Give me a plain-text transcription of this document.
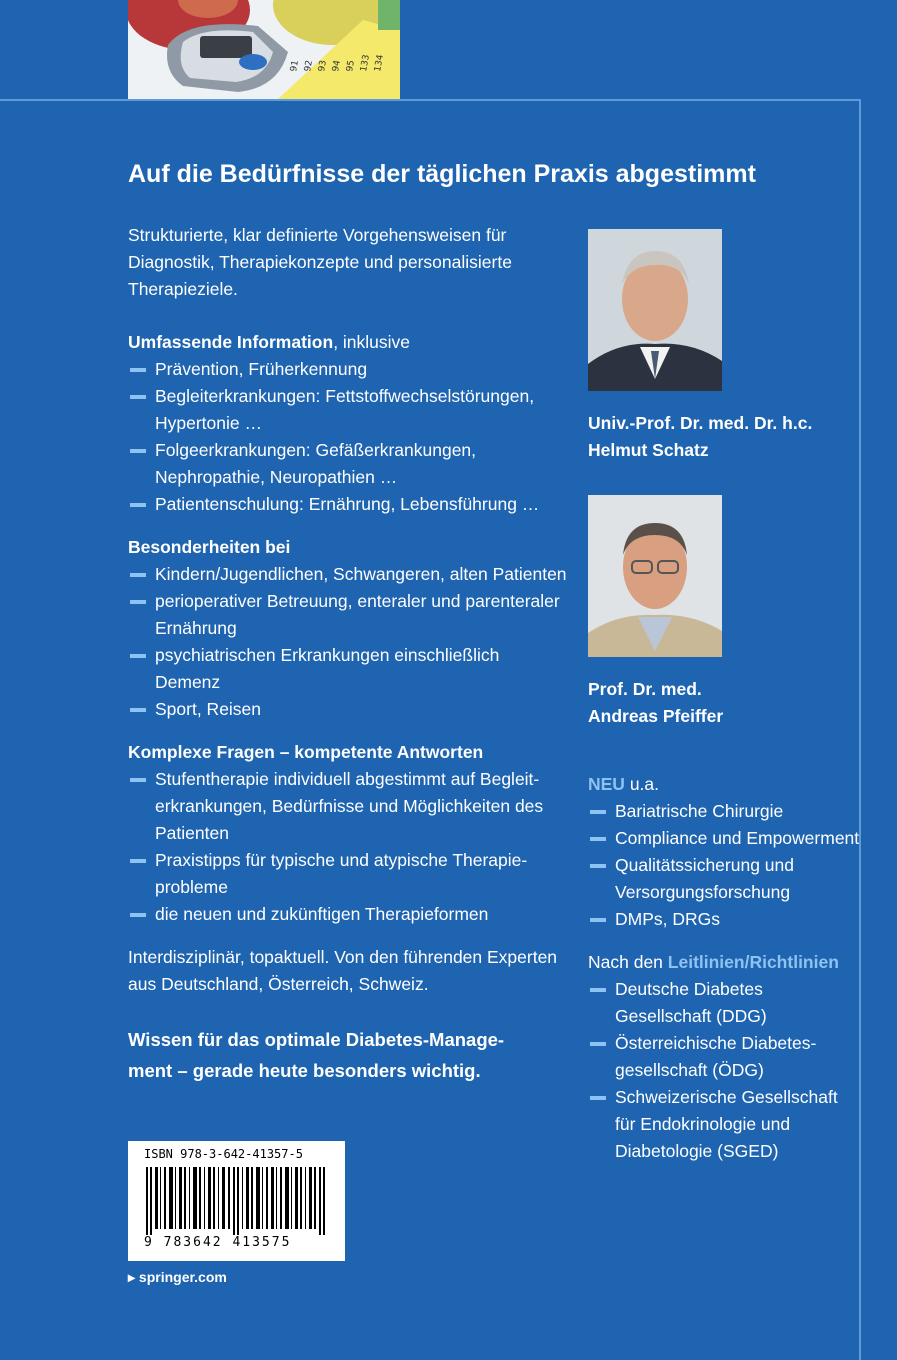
91 92 93 94 95 133 134
Auf die Bedürfnisse der täglichen Praxis abgestimmt

Strukturierte, klar definierte Vorgehensweisen für

Diagnostik, Therapiekonzepte und personalisierte

Therapieziele.

Umfassende Information, inklusive

Prävention, Früherkennung

Begleiterkrankungen: Fettstoffwechselstörungen,

Hypertonie …

Folgeerkrankungen: Gefäßerkrankungen,

Nephropathie, Neuropathien …

Patientenschulung: Ernährung, Lebensführung …

Besonderheiten bei

Kindern/Jugendlichen, Schwangeren, alten Patienten

perioperativer Betreuung, enteraler und parenteraler

Ernährung

psychiatrischen Erkrankungen einschließlich Demenz

Sport, Reisen

Komplexe Fragen – kompetente Antworten

Stufentherapie individuell abgestimmt auf Begleit-

erkrankungen, Bedürfnisse und Möglichkeiten des

Patienten

Praxistipps für typische und atypische Therapie-

probleme

die neuen und zukünftigen Therapieformen

Interdisziplinär, topaktuell. Von den führenden Experten

aus Deutschland, Österreich, Schweiz.

Wissen für das optimale Diabetes-Manage-

ment – gerade heute besonders wichtig.

Univ.-Prof. Dr. med. Dr. h.c.
Helmut Schatz
Prof. Dr. med.
Andreas Pfeiffer

NEU u.a.

Bariatrische Chirurgie

Compliance und Empowerment

Qualitätssicherung und

Versorgungsforschung

DMPs, DRGs

Nach den Leitlinien/Richtlinien

Deutsche Diabetes

Gesellschaft (DDG)

Österreichische Diabetes-

gesellschaft (ÖDG)

Schweizerische Gesellschaft

für Endokrinologie und

Diabetologie (SGED)

ISBN 978-3-642-41357-5
9 783642 413575
▸ springer.com
